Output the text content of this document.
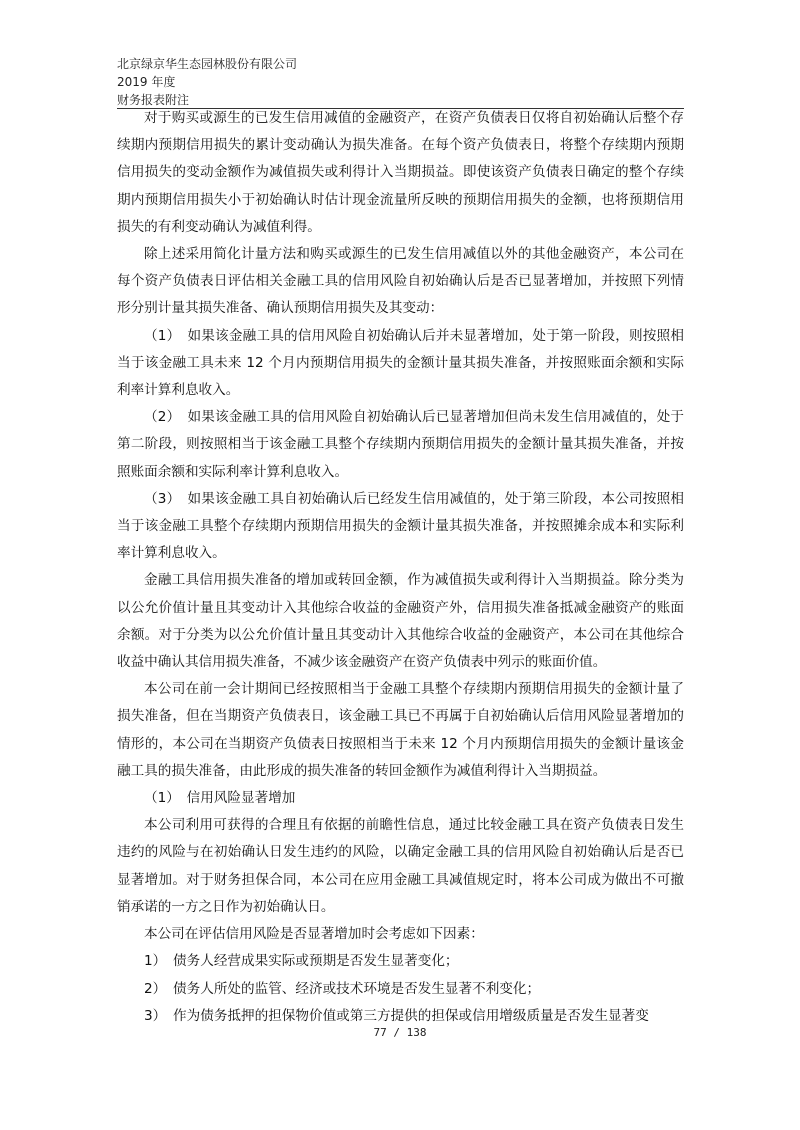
北京绿京华生态园林股份有限公司
2019 年度
财务报表附注

对于购买或源生的已发生信用减值的金融资产，在资产负债表日仅将自初始确认后整个存续期内预期信用损失的累计变动确认为损失准备。在每个资产负债表日，将整个存续期内预期信用损失的变动金额作为减值损失或利得计入当期损益。即使该资产负债表日确定的整个存续期内预期信用损失小于初始确认时估计现金流量所反映的预期信用损失的金额，也将预期信用损失的有利变动确认为减值利得。

除上述采用简化计量方法和购买或源生的已发生信用减值以外的其他金融资产，本公司在每个资产负债表日评估相关金融工具的信用风险自初始确认后是否已显著增加，并按照下列情形分别计量其损失准备、确认预期信用损失及其变动：

（1）　如果该金融工具的信用风险自初始确认后并未显著增加，处于第一阶段，则按照相当于该金融工具未来 12 个月内预期信用损失的金额计量其损失准备，并按照账面余额和实际利率计算利息收入。

（2）　如果该金融工具的信用风险自初始确认后已显著增加但尚未发生信用减值的，处于第二阶段，则按照相当于该金融工具整个存续期内预期信用损失的金额计量其损失准备，并按照账面余额和实际利率计算利息收入。

（3）　如果该金融工具自初始确认后已经发生信用减值的，处于第三阶段，本公司按照相当于该金融工具整个存续期内预期信用损失的金额计量其损失准备，并按照摊余成本和实际利率计算利息收入。

金融工具信用损失准备的增加或转回金额，作为减值损失或利得计入当期损益。除分类为以公允价值计量且其变动计入其他综合收益的金融资产外，信用损失准备抵减金融资产的账面余额。对于分类为以公允价值计量且其变动计入其他综合收益的金融资产，本公司在其他综合收益中确认其信用损失准备，不减少该金融资产在资产负债表中列示的账面价值。

本公司在前一会计期间已经按照相当于金融工具整个存续期内预期信用损失的金额计量了损失准备，但在当期资产负债表日，该金融工具已不再属于自初始确认后信用风险显著增加的情形的，本公司在当期资产负债表日按照相当于未来 12 个月内预期信用损失的金额计量该金融工具的损失准备，由此形成的损失准备的转回金额作为减值利得计入当期损益。

（1）　信用风险显著增加

本公司利用可获得的合理且有依据的前瞻性信息，通过比较金融工具在资产负债表日发生违约的风险与在初始确认日发生违约的风险，以确定金融工具的信用风险自初始确认后是否已显著增加。对于财务担保合同，本公司在应用金融工具减值规定时，将本公司成为做出不可撤销承诺的一方之日作为初始确认日。

本公司在评估信用风险是否显著增加时会考虑如下因素：

1）　债务人经营成果实际或预期是否发生显著变化；

2）　债务人所处的监管、经济或技术环境是否发生显著不利变化；

3）　作为债务抵押的担保物价值或第三方提供的担保或信用增级质量是否发生显著变

77 / 138
